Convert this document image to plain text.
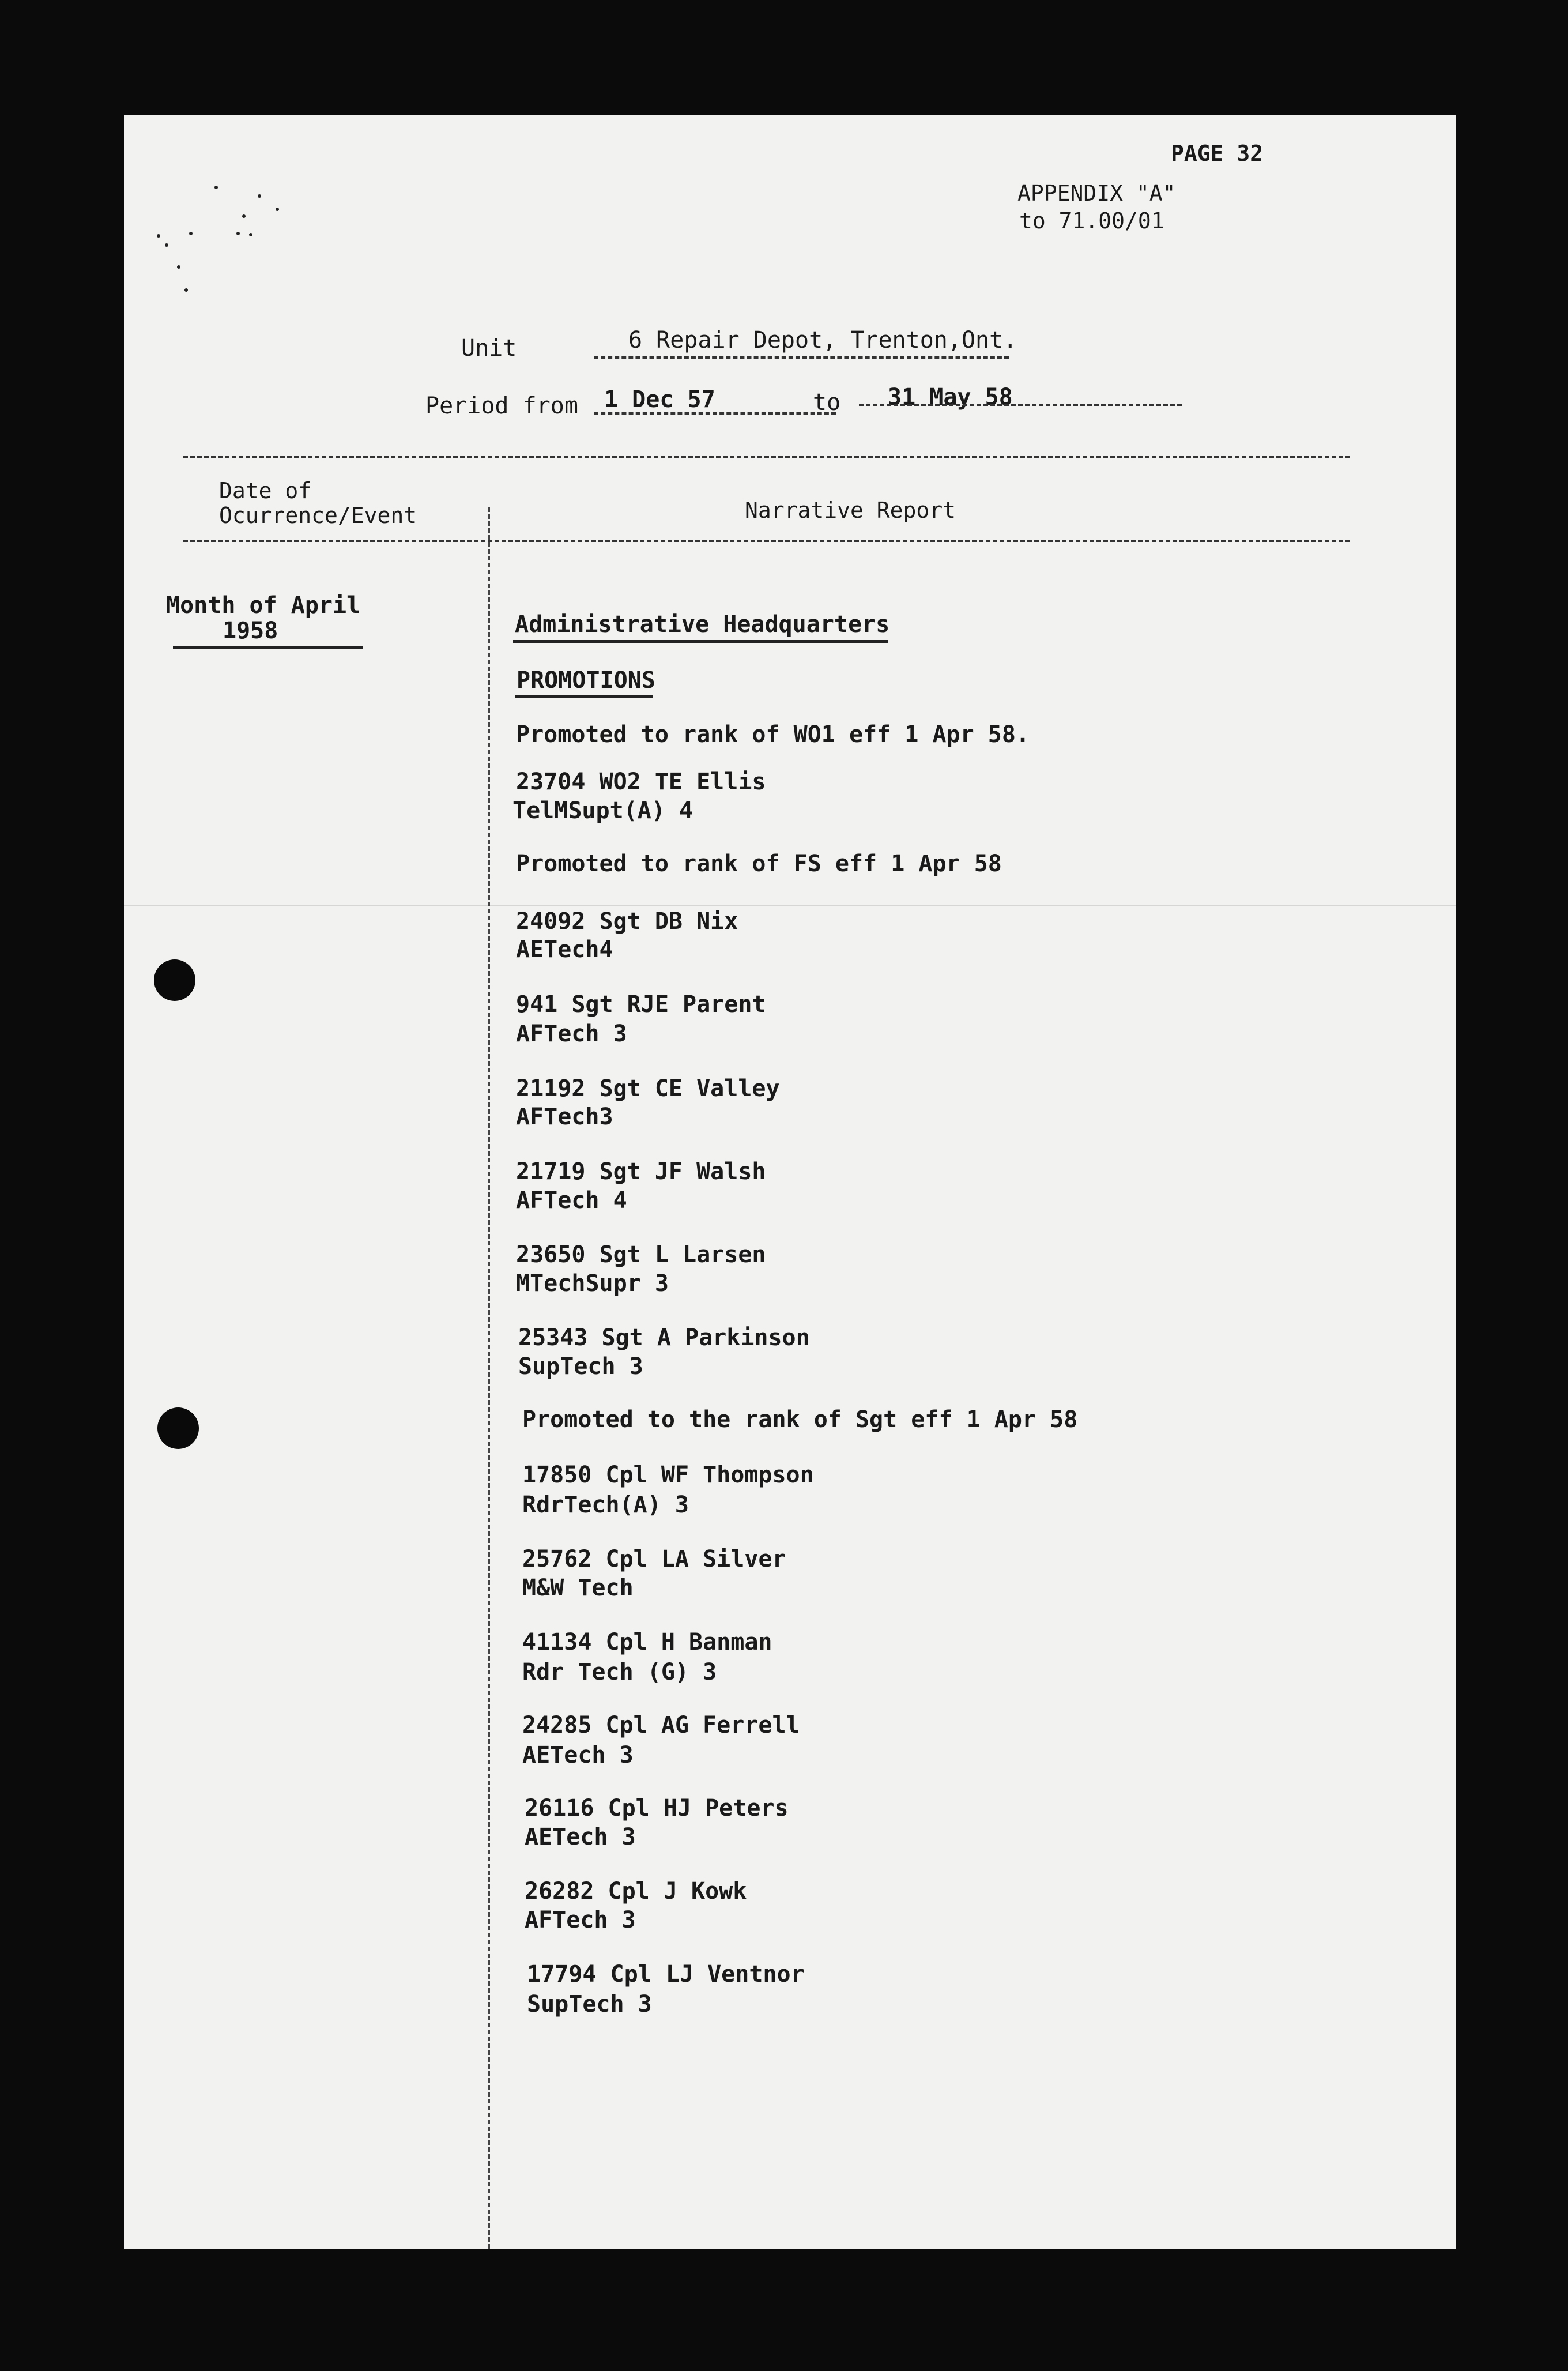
PAGE 32
APPENDIX "A"
to 71.00/01
Unit	6 Repair Depot, Trenton,Ont.
Period from 1 Dec 57	to 31 May 58
Date of
Ocurrence/Event	Narrative Report
Month of April
1958	Administrative Headquarters
PROMOTIONS
Promoted to rank of WO1 eff 1 Apr 58.
23704 WO2 TE Ellis
TelMSupt(A) 4
Promoted to rank of FS eff 1 Apr 58
24092 Sgt DB Nix
AETech4
941 Sgt RJE Parent
AFTech 3
21192 Sgt CE Valley
AFTech3
21719 Sgt JF Walsh
AFTech 4
23650 Sgt L Larsen
MTechSupr 3
25343 Sgt A Parkinson
SupTech 3
Promoted to the rank of Sgt eff 1 Apr 58
17850 Cpl WF Thompson
RdrTech(A) 3
25762 Cpl LA Silver
M&W Tech
41134 Cpl H Banman
Rdr Tech (G) 3
24285 Cpl AG Ferrell
AETech 3
26116 Cpl HJ Peters
AETech 3
26282 Cpl J Kowk
AFTech 3
17794 Cpl LJ Ventnor
SupTech 3
